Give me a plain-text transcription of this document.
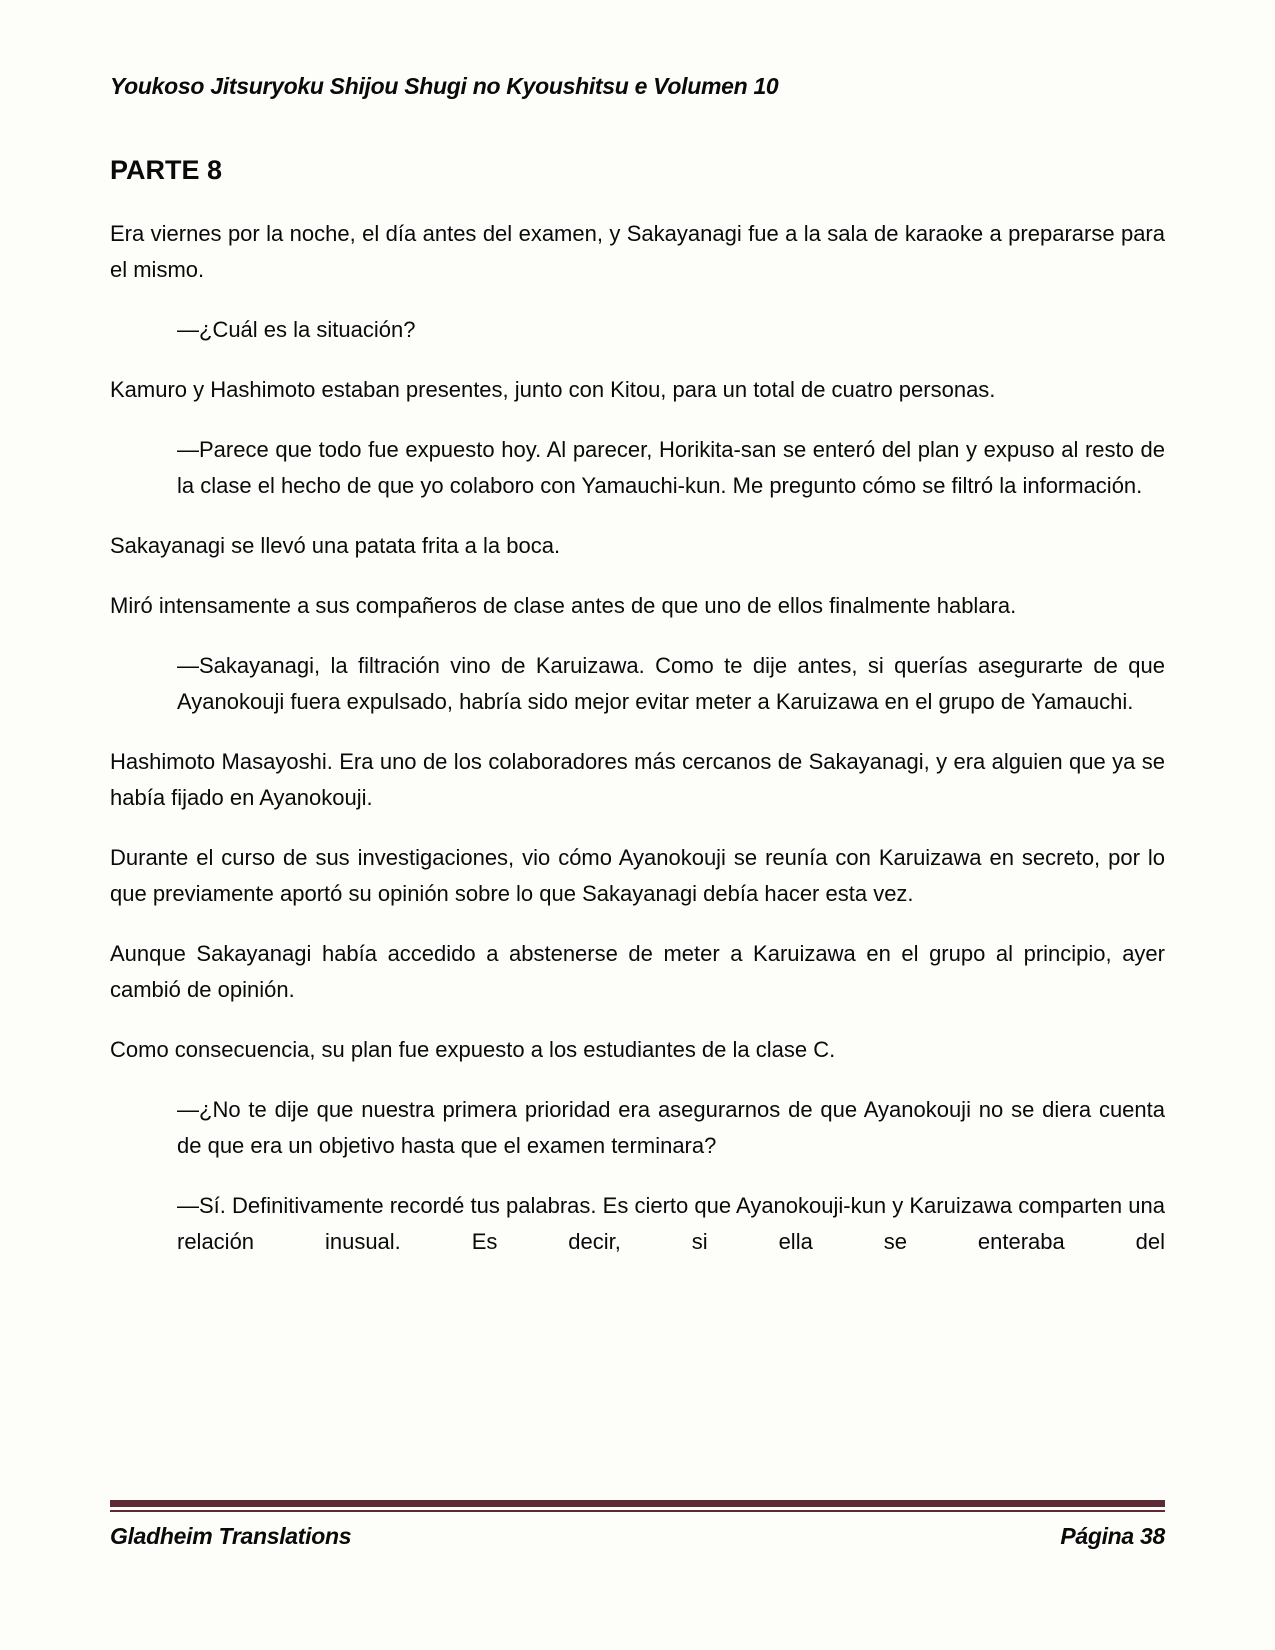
Youkoso Jitsuryoku Shijou Shugi no Kyoushitsu e Volumen 10
PARTE 8

Era viernes por la noche, el día antes del examen, y Sakayanagi fue a la sala de karaoke a prepararse para el mismo.

—¿Cuál es la situación?

Kamuro y Hashimoto estaban presentes, junto con Kitou, para un total de cuatro personas.

—Parece que todo fue expuesto hoy. Al parecer, Horikita-san se enteró del plan y expuso al resto de la clase el hecho de que yo colaboro con Yamauchi-kun. Me pregunto cómo se filtró la información.

Sakayanagi se llevó una patata frita a la boca.

Miró intensamente a sus compañeros de clase antes de que uno de ellos finalmente hablara.

—Sakayanagi, la filtración vino de Karuizawa. Como te dije antes, si querías asegurarte de que Ayanokouji fuera expulsado, habría sido mejor evitar meter a Karuizawa en el grupo de Yamauchi.

Hashimoto Masayoshi. Era uno de los colaboradores más cercanos de Sakayanagi, y era alguien que ya se había fijado en Ayanokouji.

Durante el curso de sus investigaciones, vio cómo Ayanokouji se reunía con Karuizawa en secreto, por lo que previamente aportó su opinión sobre lo que Sakayanagi debía hacer esta vez.

Aunque Sakayanagi había accedido a abstenerse de meter a Karuizawa en el grupo al principio, ayer cambió de opinión.

Como consecuencia, su plan fue expuesto a los estudiantes de la clase C.

—¿No te dije que nuestra primera prioridad era asegurarnos de que Ayanokouji no se diera cuenta de que era un objetivo hasta que el examen terminara?

—Sí. Definitivamente recordé tus palabras. Es cierto que Ayanokouji-kun y Karuizawa comparten una relación inusual. Es decir, si ella se enteraba del

Gladheim Translations	Página 38
